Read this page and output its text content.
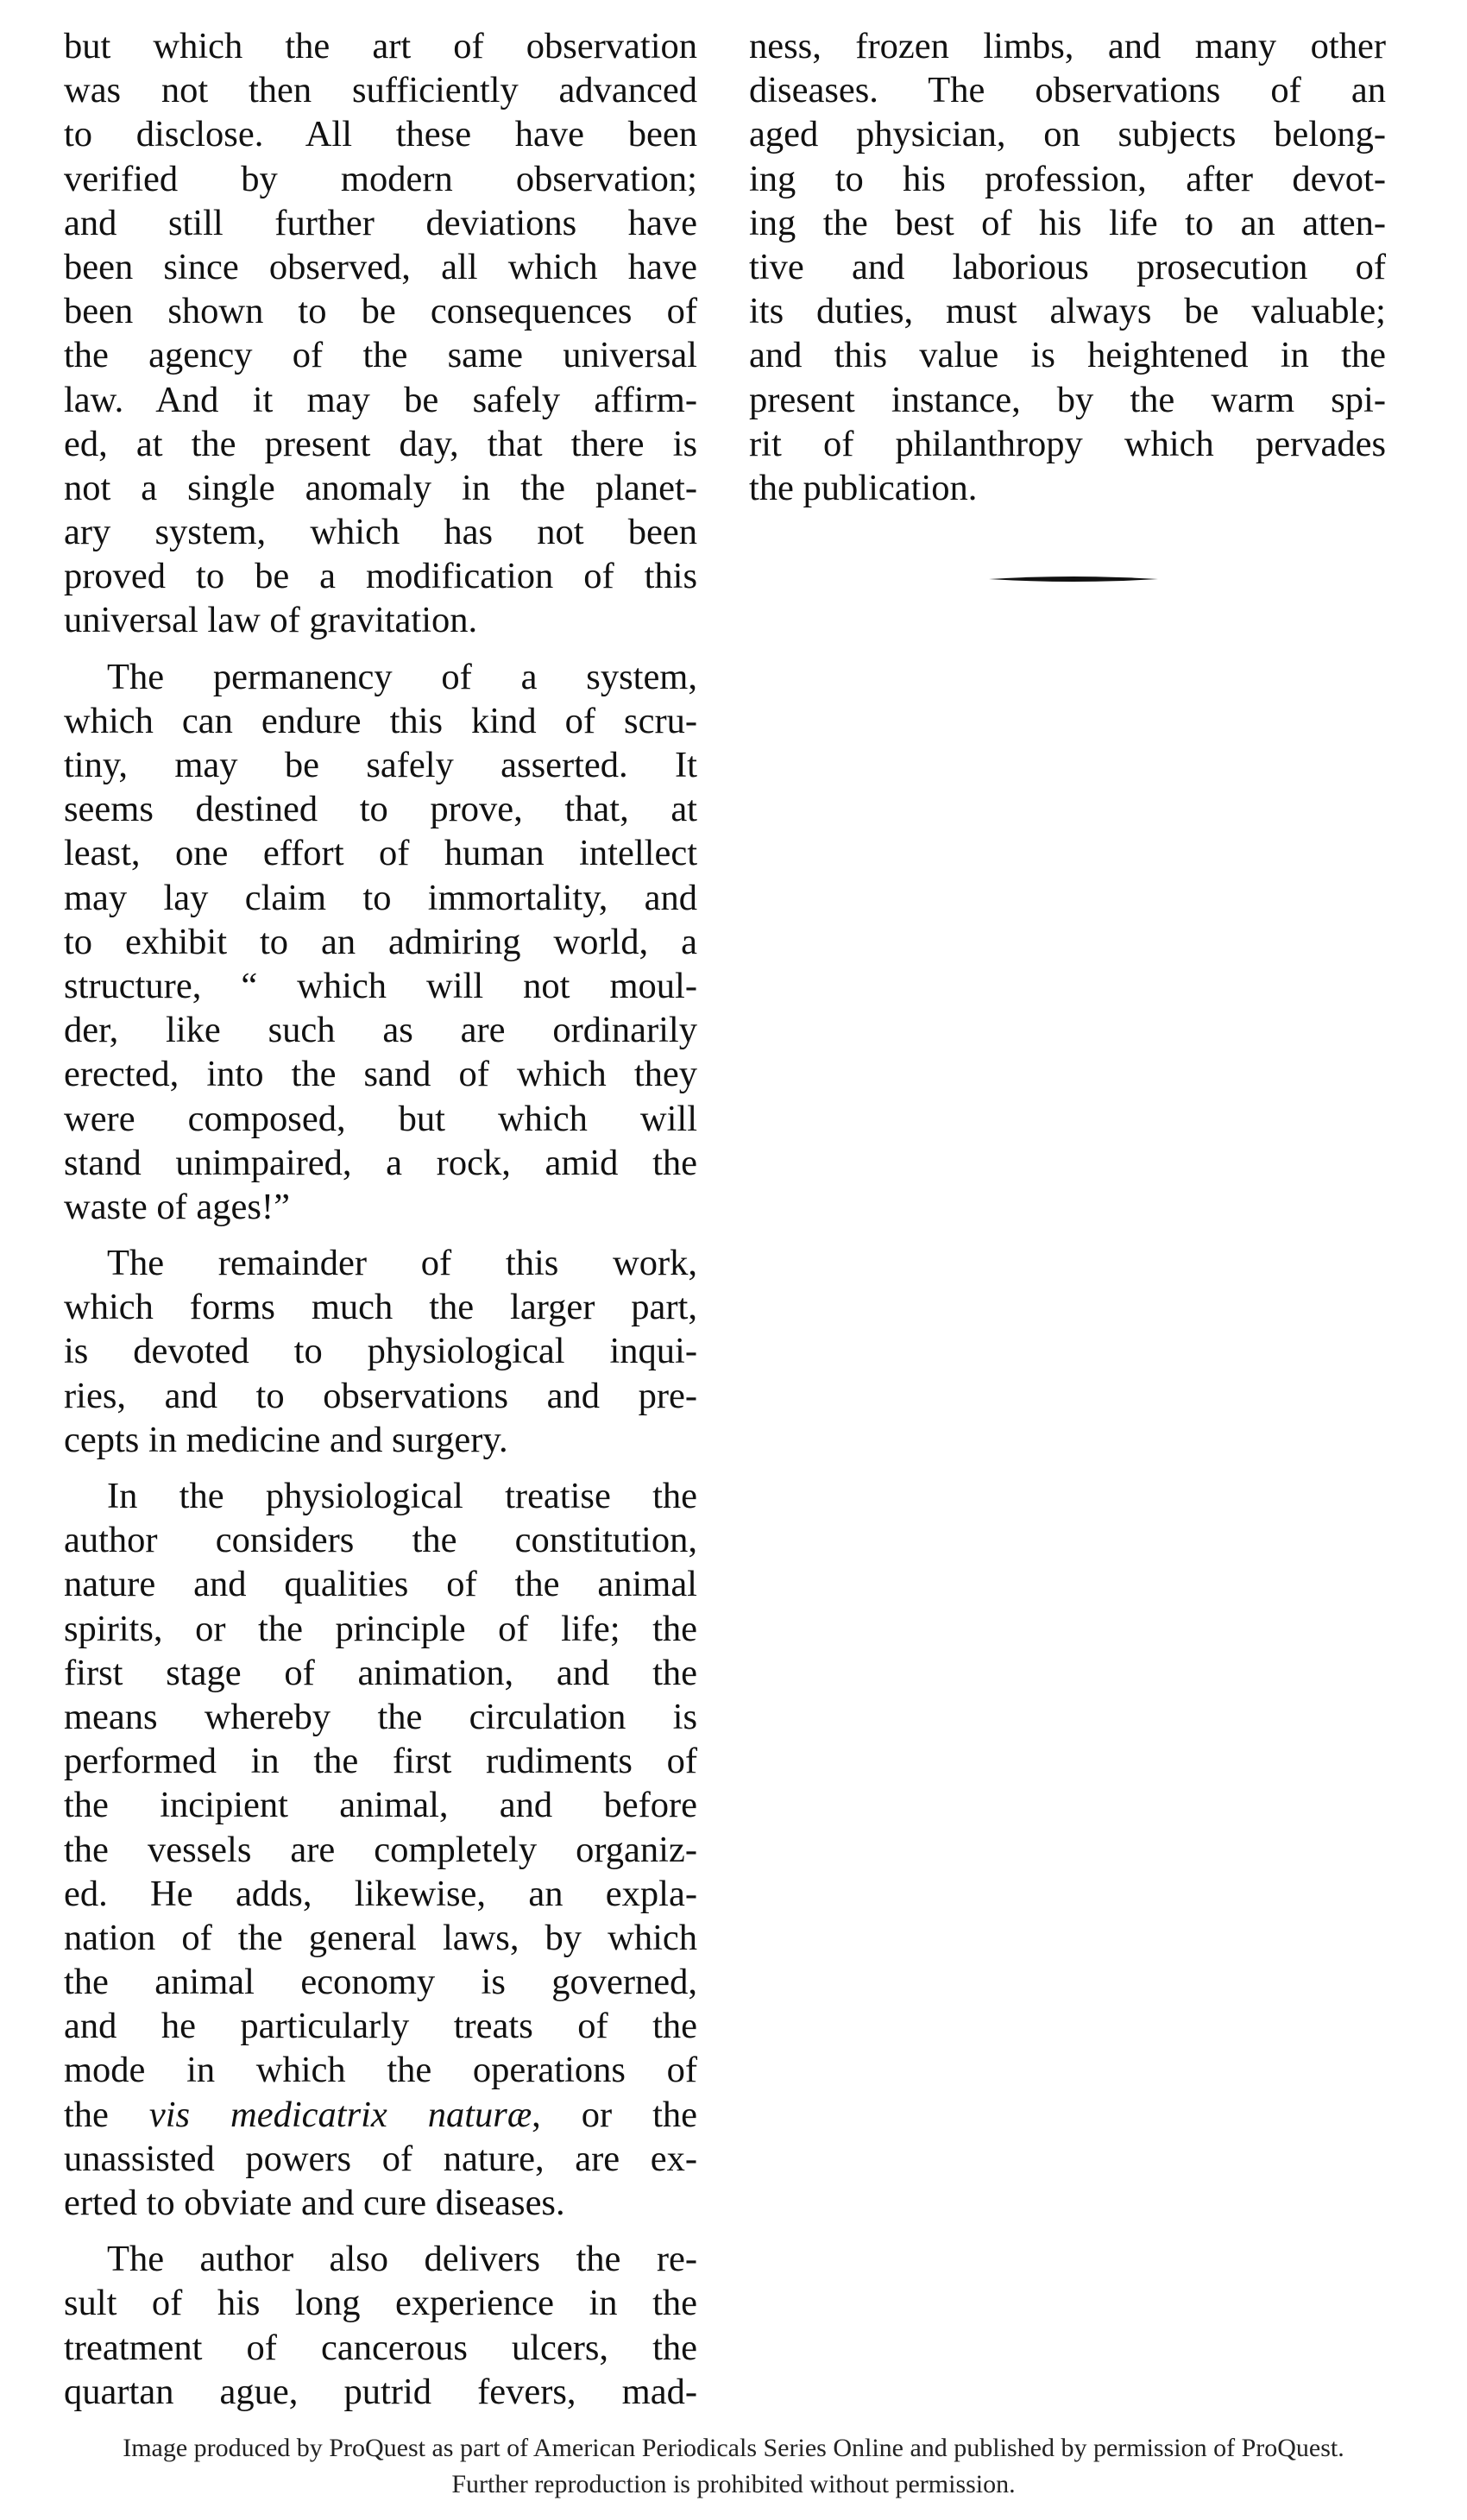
but which the art of observation
was not then sufficiently advanced
to disclose. All these have been
verified by modern observation;
and still further deviations have
been since observed, all which have
been shown to be consequences of
the agency of the same universal
law. And it may be safely affirm-
ed, at the present day, that there is
not a single anomaly in the planet-
ary system, which has not been
proved to be a modification of this
universal law of gravitation.
The permanency of a system,
which can endure this kind of scru-
tiny, may be safely asserted. It
seems destined to prove, that, at
least, one effort of human intellect
may lay claim to immortality, and
to exhibit to an admiring world, a
structure, “ which will not moul-
der, like such as are ordinarily
erected, into the sand of which they
were composed, but which will
stand unimpaired, a rock, amid the
waste of ages!”
The remainder of this work,
which forms much the larger part,
is devoted to physiological inqui-
ries, and to observations and pre-
cepts in medicine and surgery.
In the physiological treatise the
author considers the constitution,
nature and qualities of the animal
spirits, or the principle of life; the
first stage of animation, and the
means whereby the circulation is
performed in the first rudiments of
the incipient animal, and before
the vessels are completely organiz-
ed. He adds, likewise, an expla-
nation of the general laws, by which
the animal economy is governed,
and he particularly treats of the
mode in which the operations of
the vis medicatrix naturæ, or the
unassisted powers of nature, are ex-
erted to obviate and cure diseases.
The author also delivers the re-
sult of his long experience in the
treatment of cancerous ulcers, the
quartan ague, putrid fevers, mad-
ness, frozen limbs, and many other
diseases. The observations of an
aged physician, on subjects belong-
ing to his profession, after devot-
ing the best of his life to an atten-
tive and laborious prosecution of
its duties, must always be valuable;
and this value is heightened in the
present instance, by the warm spi-
rit of philanthropy which pervades
the publication.
Image produced by ProQuest as part of American Periodicals Series Online and published by permission of ProQuest.
Further reproduction is prohibited without permission.
